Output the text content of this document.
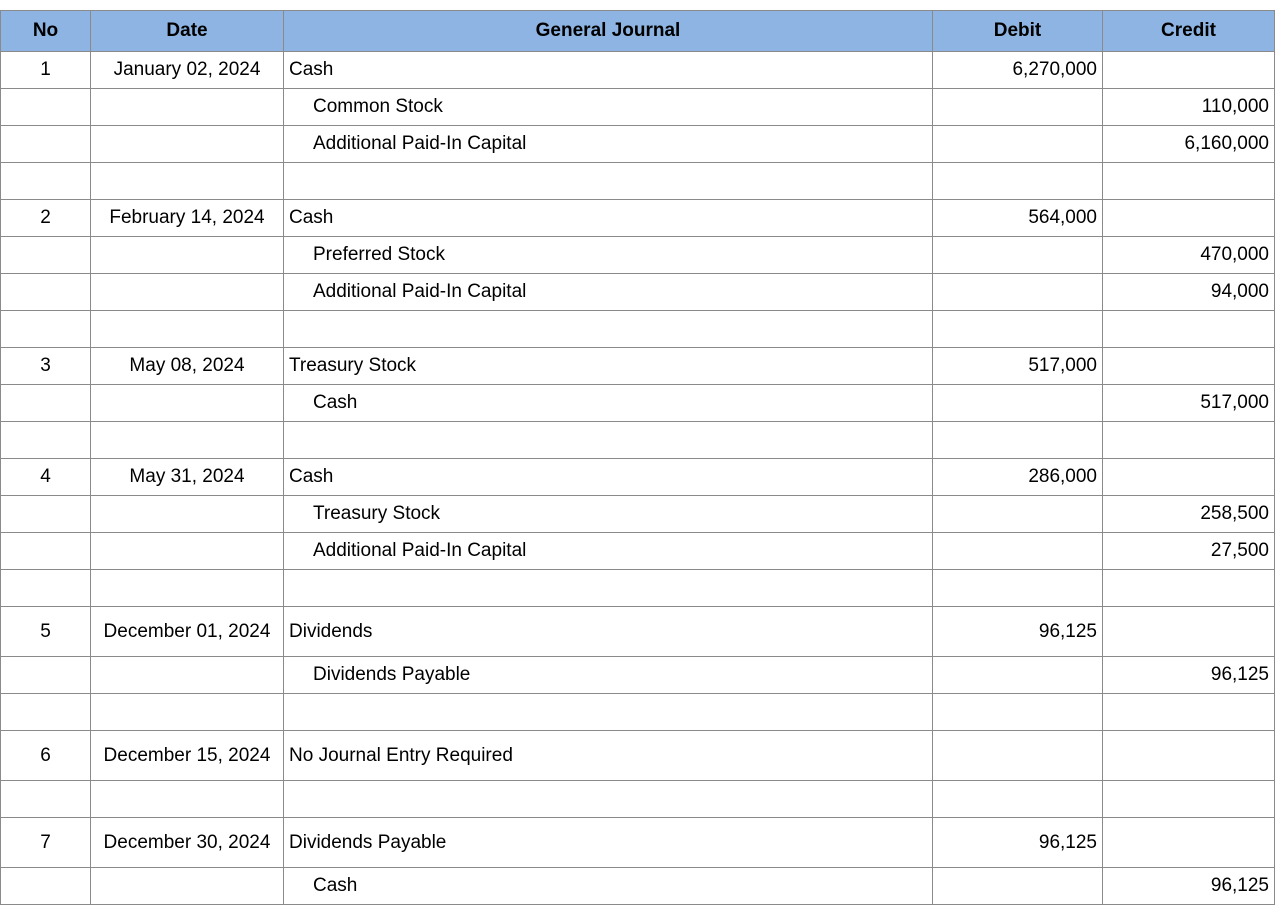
No	Date	General Journal	Debit	Credit
1	January 02, 2024	Cash	6,270,000	
		Common Stock		110,000
		Additional Paid-In Capital		6,160,000

2	February 14, 2024	Cash	564,000	
		Preferred Stock		470,000
		Additional Paid-In Capital		94,000

3	May 08, 2024	Treasury Stock	517,000	
		Cash		517,000

4	May 31, 2024	Cash	286,000	
		Treasury Stock		258,500
		Additional Paid-In Capital		27,500

5	December 01, 2024	Dividends	96,125	
		Dividends Payable		96,125

6	December 15, 2024	No Journal Entry Required		

7	December 30, 2024	Dividends Payable	96,125	
		Cash		96,125
